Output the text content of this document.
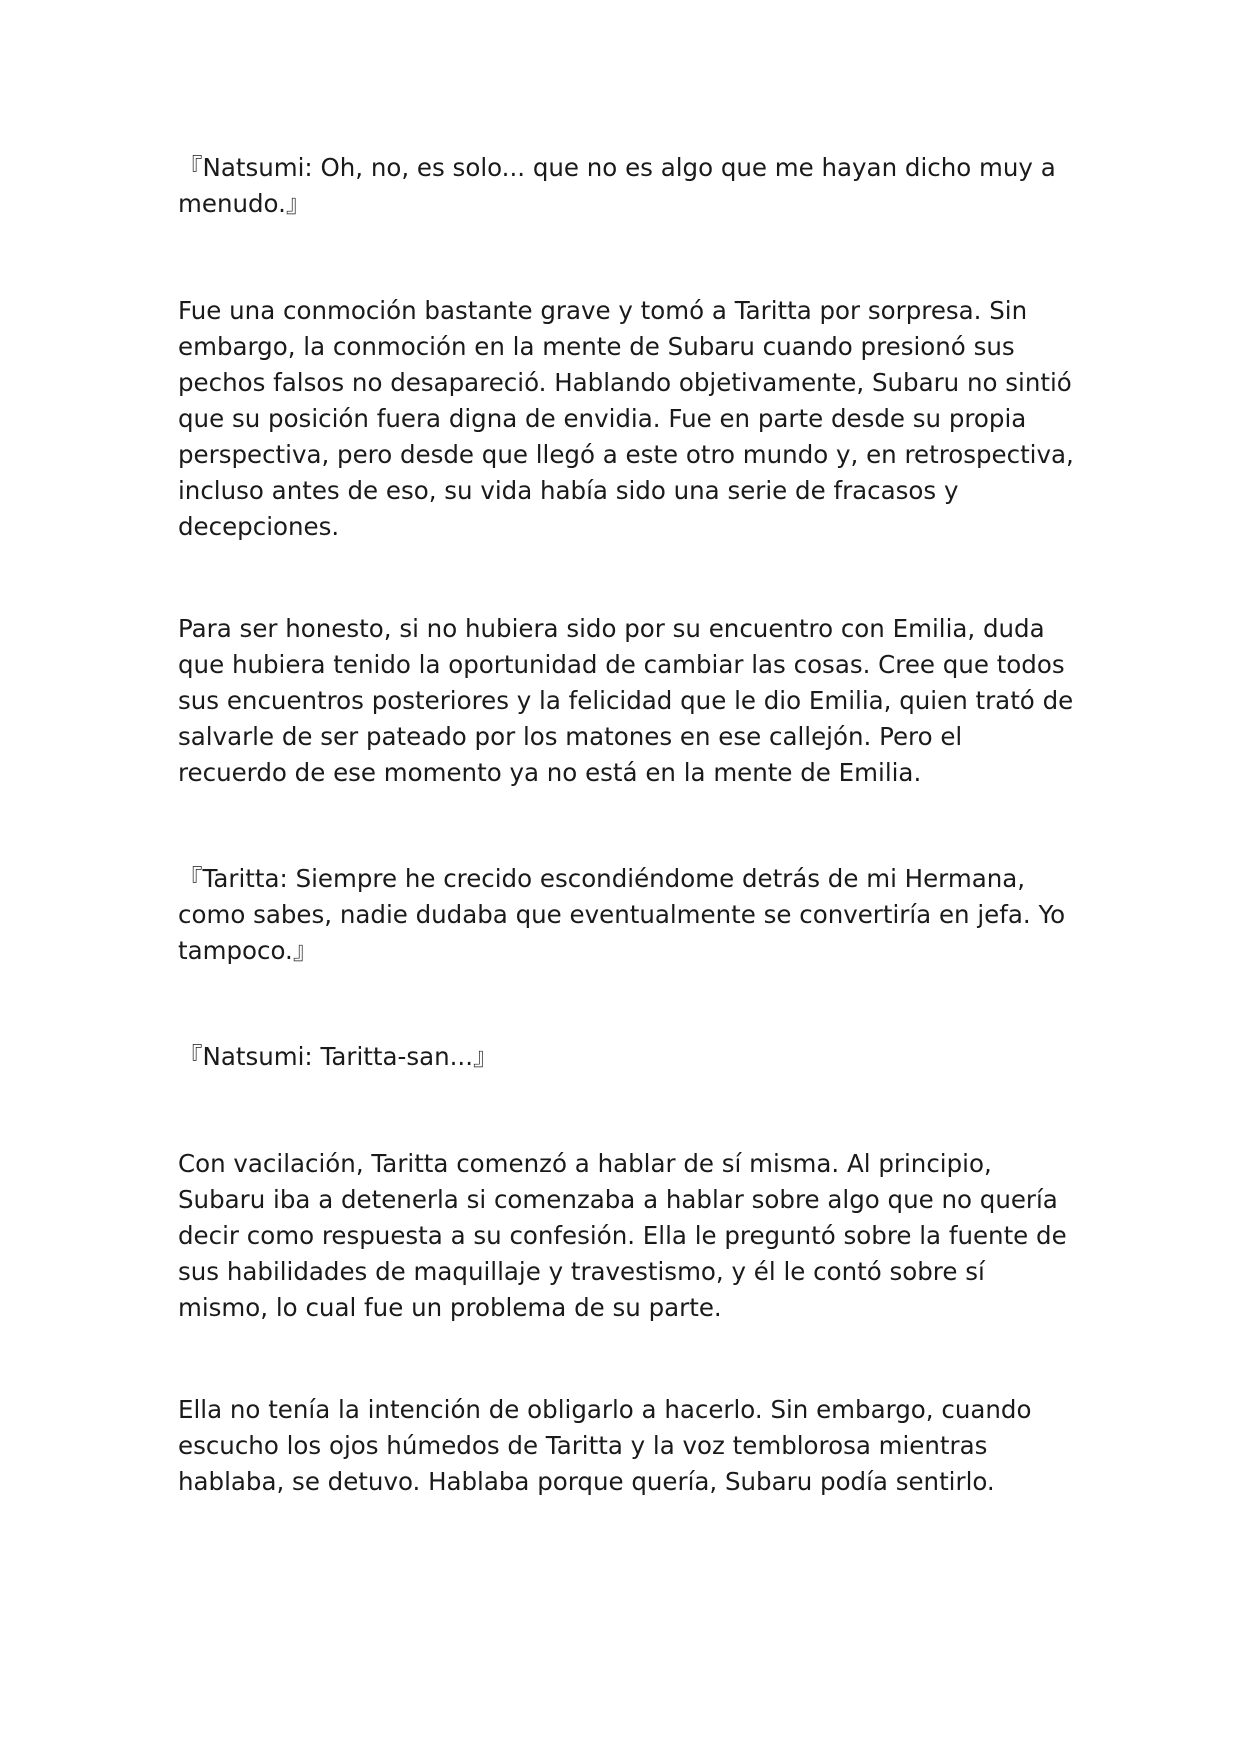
『Natsumi: Oh, no, es solo... que no es algo que me hayan dicho muy a menudo.』

Fue una conmoción bastante grave y tomó a Taritta por sorpresa. Sin embargo, la conmoción en la mente de Subaru cuando presionó sus pechos falsos no desapareció. Hablando objetivamente, Subaru no sintió que su posición fuera digna de envidia. Fue en parte desde su propia perspectiva, pero desde que llegó a este otro mundo y, en retrospectiva, incluso antes de eso, su vida había sido una serie de fracasos y decepciones.

Para ser honesto, si no hubiera sido por su encuentro con Emilia, duda que hubiera tenido la oportunidad de cambiar las cosas. Cree que todos sus encuentros posteriores y la felicidad que le dio Emilia, quien trató de salvarle de ser pateado por los matones en ese callejón. Pero el recuerdo de ese momento ya no está en la mente de Emilia.

『Taritta: Siempre he crecido escondiéndome detrás de mi Hermana, como sabes, nadie dudaba que eventualmente se convertiría en jefa. Yo tampoco.』

『Natsumi: Taritta-san...』

Con vacilación, Taritta comenzó a hablar de sí misma. Al principio, Subaru iba a detenerla si comenzaba a hablar sobre algo que no quería decir como respuesta a su confesión. Ella le preguntó sobre la fuente de sus habilidades de maquillaje y travestismo, y él le contó sobre sí mismo, lo cual fue un problema de su parte.

Ella no tenía la intención de obligarlo a hacerlo. Sin embargo, cuando escucho los ojos húmedos de Taritta y la voz temblorosa mientras hablaba, se detuvo. Hablaba porque quería, Subaru podía sentirlo.
